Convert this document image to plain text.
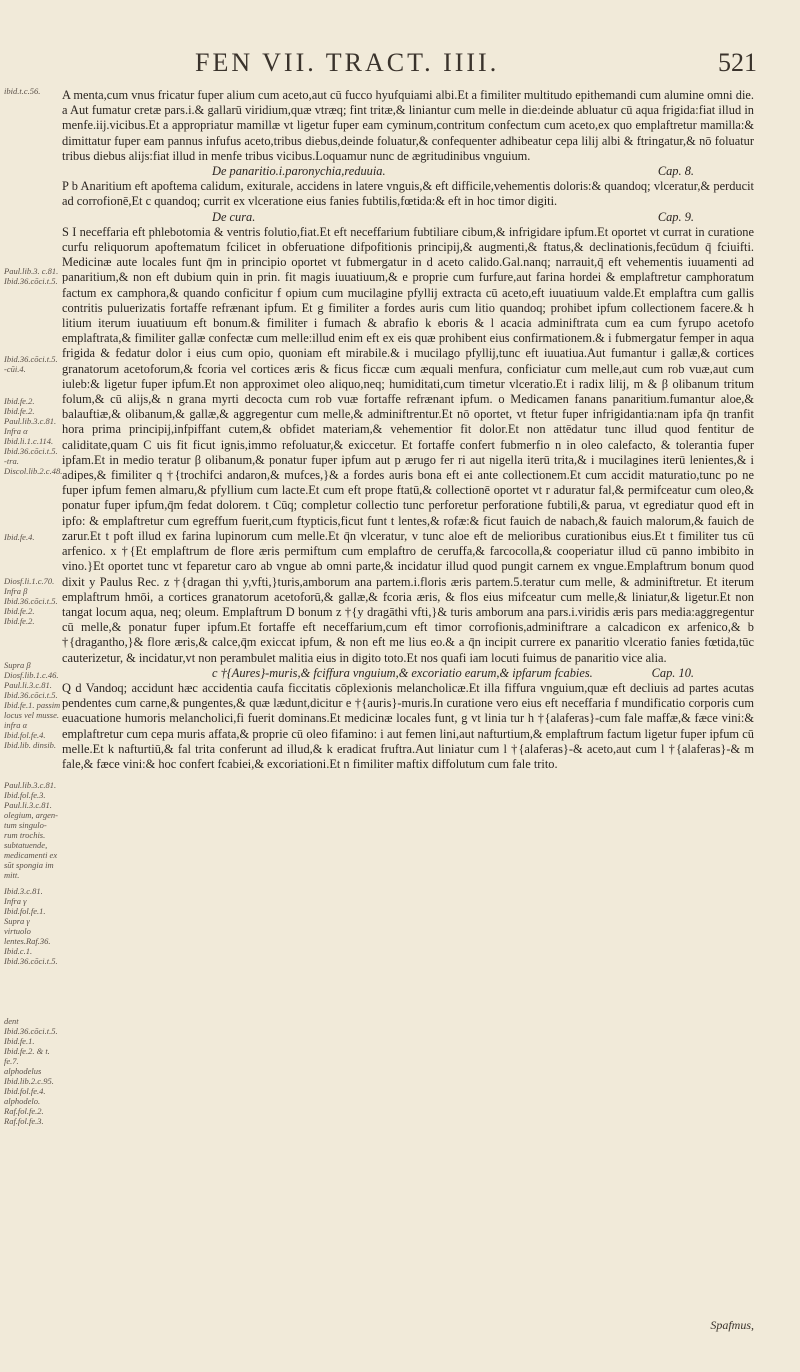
FEN VII. TRACT. IIII.	521
ibid.t.c.56.
Paul.lib.3. c.81.
Ibid.36.cōci.t.5.
Ibid.36.cōci.t.5.
-cūi.4.
Ibid.fe.2.
Ibid.fe.2.
Paul.lib.3.c.81.
Infra α
Ibid.li.1.c.114.
Ibid.36.cōci.t.5.
-tra.
Discol.lib.2.c.48.
Ibid.fe.4.
Diosf.li.1.c.70.
Infra β
Ibid.36.cōci.t.5.
Ibid.fe.2.
Ibid.fe.2.
Supra β
Diosf.lib.1.c.46.
Paul.li.3.c.81.
Ibid.36.cōci.t.5.
Ibid.fe.1. passim
locus vel musse.
infra α
Ibid.fol.fe.4.
Ibid.lib. dinsib.
Paul.lib.3.c.81.
Ibid.fol.fe.3.
Paul.li.3.c.81.
olegium, argen-
tum singulo-
rum trochis.
subtatuende,
medicamenti ex
sūt spongia im
mitt.
Ibid.3.c.81.
Infra γ
Ibid.fol.fe.1.
Supra γ
virtuolo
lentes.Raf.36.
Ibid.c.1.
Ibid.36.cōci.t.5.
dent
Ibid.36.cōci.t.5.
Ibid.fe.1.
Ibid.fe.2. & t.
fe.7.
alphodelus
Ibid.lib.2.c.95.
Ibid.fol.fe.4.
alphodelo.
Raf.fol.fe.2.
Raf.fol.fe.3.

A menta,cum vnus fricatur fuper alium cum aceto,aut cū fucco hyufquiami albi.Et a fimiliter multitudo epithemandi cum alumine omni die. a Aut fumatur cretæ pars.i.& gallarū viridium,quæ vtræq; fint tritæ,& liniantur cum melle in die:deinde abluatur cū aqua frigida:fiat illud in menfe.iij.vicibus.Et a appropriatur mamillæ vt ligetur fuper eam cyminum,contritum confectum cum aceto,ex quo emplaftretur mamilla:& dimittatur fuper eam pannus infufus aceto,tribus diebus,deinde foluatur,& confequenter adhibeatur cepa lilij albi & ftringatur,& nō foluatur tribus diebus alijs:fiat illud in menfe tribus vicibus.Loquamur nunc de ægritudinibus vnguium.

De panaritio.i.paronychia,reduuia.	Cap. 8.

P b Anaritium eft apoftema calidum, exiturale, accidens in latere vnguis,& eft difficile,vehementis doloris:& quandoq; vlceratur,& perducit ad corrofionē,Et c quandoq; currit ex vlceratione eius fanies fubtilis,fœtida:& eft in hoc timor digiti.

De cura.	Cap. 9.

S I neceffaria eft phlebotomia & ventris folutio,fiat.Et eft neceffarium fubtiliare cibum,& infrigidare ipfum.Et oportet vt currat in curatione curfu reliquorum apoftematum fcilicet in obferuatione difpofitionis principij,& augmenti,& ftatus,& declinationis,fecūdum q̄ fciuifti. Medicinæ aute locales funt q̄m in principio oportet vt fubmergatur in d aceto calido.Gal.nanq; narrauit,q̄ eft vehementis iuuamenti ad panaritium,& non eft dubium quin in prin. fit magis iuuatiuum,& e proprie cum furfure,aut farina hordei & emplaftretur camphoratum factum ex camphora,& quando conficitur f opium cum mucilagine pfyllij extracta cū aceto,eft iuuatiuum valde.Et emplaftra cum gallis contritis puluerizatis fortaffe refrænant ipfum. Et g fimiliter a fordes auris cum litio quandoq; prohibet ipfum collectionem facere.& h litium iterum iuuatiuum eft bonum.& fimiliter i fumach & abrafio k eboris & l acacia adminiftrata cum ea cum fyrupo acetofo emplaftrata,& fimiliter gallæ confectæ cum melle:illud enim eft ex eis quæ prohibent eius confirmationem.& i fubmergatur femper in aqua frigida & fedatur dolor i eius cum opio, quoniam eft mirabile.& i mucilago pfyllij,tunc eft iuuatiua.Aut fumantur i gallæ,& cortices granatorum acetoforum,& fcoria vel cortices æris & ficus ficcæ cum æquali menfura, conficiatur cum melle,aut cum rob vuæ,aut cum iuleb:& ligetur fuper ipfum.Et non approximet oleo aliquo,neq; humiditati,cum timetur vlceratio.Et i radix lilij, m & β olibanum tritum folum,& cū alijs,& n grana myrti decocta cum rob vuæ fortaffe refrænant ipfum. o Medicamen fanans panaritium.fumantur aloe,& balauftiæ,& olibanum,& gallæ,& aggregentur cum melle,& adminiftrentur.Et nō oportet, vt ftetur fuper infrigidantia:nam ipfa q̄n tranfit hora prima principij,infpiffant cutem,& obfidet materiam,& vehementior fit dolor.Et non attēdatur tunc illud quod fentitur de caliditate,quam C uis fit ficut ignis,immo refoluatur,& exiccetur. Et fortaffe confert fubmerfio n in oleo calefacto, & tolerantia fuper ipfam.Et in medio teratur β olibanum,& ponatur fuper ipfum aut p ærugo fer ri aut nigella iterū trita,& i mucilagines iterū lenientes,& i adipes,& fimiliter q †{trochifci andaron,& mufces,}& a fordes auris bona eft ei ante collectionem.Et cum accidit maturatio,tunc po ne fuper ipfum femen almaru,& pfyllium cum lacte.Et cum eft prope ftatū,& collectionē oportet vt r aduratur fal,& permifceatur cum oleo,& ponatur fuper ipfum,q̄m fedat dolorem. t Cūq; completur collectio tunc perforetur perforatione fubtili,& parua, vt egrediatur quod eft in ipfo: & emplaftretur cum egreffum fuerit,cum ftypticis,ficut funt t lentes,& rofæ:& ficut fauich de nabach,& fauich malorum,& fauich de zarur.Et t poft illud ex farina lupinorum cum melle.Et q̄n vlceratur, v tunc aloe eft de melioribus curationibus eius.Et t fimiliter tus cū arfenico. x †{Et emplaftrum de flore æris permiftum cum emplaftro de ceruffa,& farcocolla,& cooperiatur illud cū panno imbibito in vino.}Et oportet tunc vt feparetur caro ab vngue ab omni parte,& incidatur illud quod pungit carnem ex vngue.Emplaftrum bonum quod dixit y Paulus Rec. z †{dragan thi y,vfti,}turis,amborum ana partem.i.floris æris partem.5.teratur cum melle, & adminiftretur. Et iterum emplaftrum hmōi, a cortices granatorum acetoforū,& gallæ,& fcoria æris, & flos eius mifceatur cum melle,& liniatur,& ligetur.Et non tangat locum aqua, neq; oleum. Emplaftrum D bonum z †{y dragāthi vfti,}& turis amborum ana pars.i.viridis æris pars media:aggregentur cū melle,& ponatur fuper ipfum.Et fortaffe eft neceffarium,cum eft timor corrofionis,adminiftrare a calcadicon ex arfenico,& b †{dragantho,}& flore æris,& calce,q̄m exiccat ipfum, & non eft me lius eo.& a q̄n incipit currere ex panaritio vlceratio fanies fœtida,tūc cauterizetur, & incidatur,vt non perambulet malitia eius in digito toto.Et nos quafi iam locuti fuimus de panaritio vice alia.

c †{Aures}-muris,& fciffura vnguium,& excoriatio earum,& ipfarum fcabies.	Cap. 10.

Q d Vandoq; accidunt hæc accidentia caufa ficcitatis cōplexionis melancholicæ.Et illa fiffura vnguium,quæ eft decliuis ad partes acutas pendentes cum carne,& pungentes,& quæ lædunt,dicitur e †{auris}-muris.In curatione vero eius eft neceffaria f mundificatio corporis cum euacuatione humoris melancholici,fi fuerit dominans.Et medicinæ locales funt, g vt linia tur h †{alaferas}-cum fale maffæ,& fæce vini:& emplaftretur cum cepa muris affata,& proprie cū oleo fifamino: i aut femen lini,aut nafturtium,& emplaftrum factum ligetur fuper ipfum cū melle.Et k nafturtiū,& fal trita conferunt ad illud,& k eradicat fruftra.Aut liniatur cum l †{alaferas}-& aceto,aut cum l †{alaferas}-& m fale,& fæce vini:& hoc confert fcabiei,& excoriationi.Et n fimiliter maftix diffolutum cum fale trito.

Spafmus,
